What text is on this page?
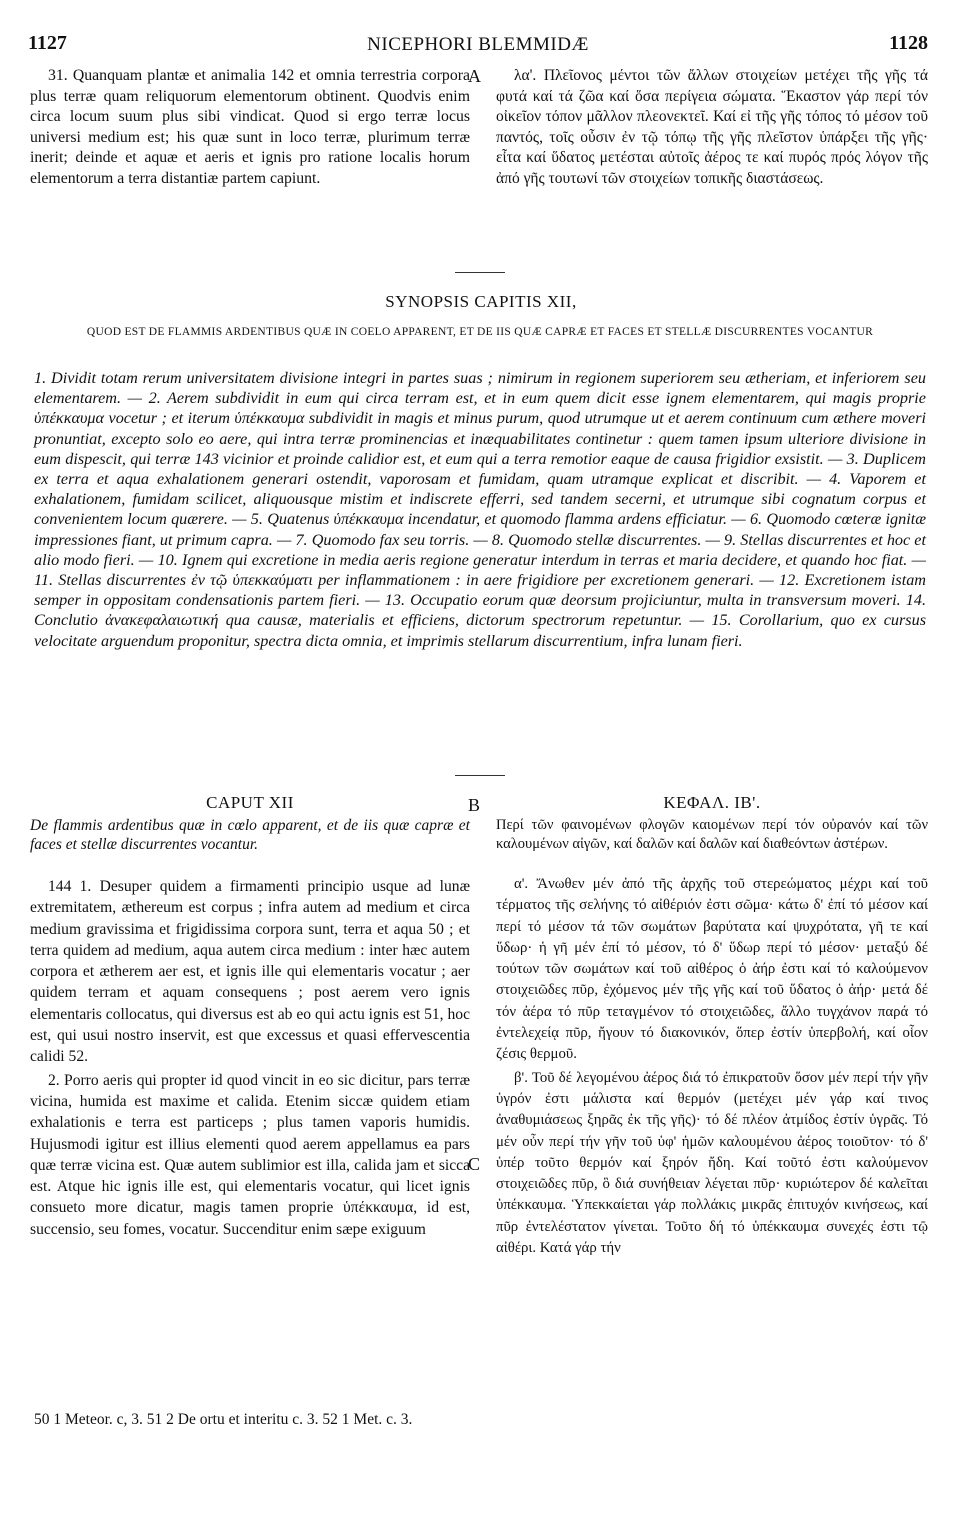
1127	NICEPHORI BLEMMIDÆ	1128

31. Quanquam plantæ et animalia 142 et omnia terrestria corpora plus terræ quam reliquorum elementorum obtinent. Quodvis enim circa locum suum plus sibi vindicat. Quod si ergo terræ locus universi medium est; his quæ sunt in loco terræ, plurimum terræ inerit; deinde et aquæ et aeris et ignis pro ratione localis horum elementorum a terra distantiæ partem capiunt.

A	λα'. Πλεῖονος μέντοι τῶν ἄλλων στοιχείων μετέχει τῆς γῆς τά φυτά καί τά ζῶα καί ὅσα περίγεια σώματα. Ἕκαστον γάρ περί τόν οἰκεῖον τόπον μᾶλλον πλεονεκτεῖ. Καί εἰ τῆς γῆς τόπος τό μέσον τοῦ παντός, τοῖς οὖσιν ἐν τῷ τόπῳ τῆς γῆς πλεῖστον ὑπάρξει τῆς γῆς· εἶτα καί ὕδατος μετέσται αὐτοῖς ἀέρος τε καί πυρός πρός λόγον τῆς ἀπό γῆς τουτωνί τῶν στοιχείων τοπικῆς διαστάσεως.

SYNOPSIS CAPITIS XII,
QUOD EST DE FLAMMIS ARDENTIBUS QUÆ IN COELO APPARENT, ET DE IIS QUÆ CAPRÆ ET FACES ET STELLÆ DISCURRENTES VOCANTUR
1. Dividit totam rerum universitatem divisione integri in partes suas ; nimirum in regionem superiorem seu ætheriam, et inferiorem seu elementarem. — 2. Aerem subdividit in eum qui circa terram est, et in eum quem dicit esse ignem elementarem, qui magis proprie ὑπέκκαυμα vocetur ; et iterum ὑπέκκαυμα subdividit in magis et minus purum, quod utrumque ut et aerem continuum cum æthere moveri pronuntiat, excepto solo eo aere, qui intra terræ prominencias et inæquabilitates continetur : quem tamen ipsum ulteriore divisione in eum dispescit, qui terræ 143 vicinior et proinde calidior est, et eum qui a terra remotior eaque de causa frigidior exsistit. — 3. Duplicem ex terra et aqua exhalationem generari ostendit, vaporosam et fumidam, quam utramque explicat et discribit. — 4. Vaporem et exhalationem, fumidam scilicet, aliquousque mistim et indiscrete efferri, sed tandem secerni, et utrumque sibi cognatum corpus et convenientem locum quærere. — 5. Quatenus ὑπέκκαυμα incendatur, et quomodo flamma ardens efficiatur. — 6. Quomodo cœteræ ignitæ impressiones fiant, ut primum capra. — 7. Quomodo fax seu torris. — 8. Quomodo stellæ discurrentes. — 9. Stellas discurrentes et hoc et alio modo fieri. — 10. Ignem qui excretione in media aeris regione generatur interdum in terras et maria decidere, et quando hoc fiat. — 11. Stellas discurrentes ἐν τῷ ὑπεκκαύματι per inflammationem : in aere frigidiore per excretionem generari. — 12. Excretionem istam semper in oppositam condensationis partem fieri. — 13. Occupatio eorum quæ deorsum projiciuntur, multa in transversum moveri. 14. Conclutio ἀνακεφαλαιωτική qua causæ, materialis et efficiens, dictorum spectrorum repetuntur. — 15. Corollarium, quo ex cursus velocitate arguendum proponitur, spectra dicta omnia, et imprimis stellarum discurrentium, infra lunam fieri.
CAPUT XII	B	ΚΕΦΑΛ. ΙΒ'.
De flammis ardentibus quæ in cœlo apparent, et de iis quæ capræ et faces et stellæ discurrentes vocantur.
Περί τῶν φαινομένων φλογῶν καιομένων περί τόν οὐρανόν καί τῶν καλουμένων αἰγῶν, καί δαλῶν καί δαλῶν καί διαθεόντων ἀστέρων.

144 1. Desuper quidem a firmamenti principio usque ad lunæ extremitatem, æthereum est corpus ; infra autem ad medium et circa medium gravissima et frigidissima corpora sunt, terra et aqua 50 ; et terra quidem ad medium, aqua autem circa medium : inter hæc autem corpora et ætherem aer est, et ignis ille qui elementaris vocatur ; aer quidem terram et aquam consequens ; post aerem vero ignis elementaris collocatus, qui diversus est ab eo qui actu ignis est 51, hoc est, qui usui nostro inservit, est que excessus et quasi effervescentia calidi 52.

2. Porro aeris qui propter id quod vincit in eo sic dicitur, pars terræ vicina, humida est maxime et calida. Etenim siccæ quidem etiam exhalationis e terra est particeps ; plus tamen vaporis humidis. Hujusmodi igitur est illius elementi quod aerem appellamus ea pars quæ terræ vicina est. Quæ autem sublimior est illa, calida jam et sicca est. Atque hic ignis ille est, qui elementaris vocatur, qui licet ignis consueto more dicatur, magis tamen proprie ὑπέκκαυμα, id est, succensio, seu fomes, vocatur. Succenditur enim sæpe exiguum

C

α'. Ἄνωθεν μέν ἀπό τῆς ἀρχῆς τοῦ στερεώματος μέχρι καί τοῦ τέρματος τῆς σελήνης τό αἰθέριόν ἐστι σῶμα· κάτω δ' ἐπί τό μέσον καί περί τό μέσον τά τῶν σωμάτων βαρύτατα καί ψυχρότατα, γῆ τε καί ὕδωρ· ἡ γῆ μέν ἐπί τό μέσον, τό δ' ὕδωρ περί τό μέσον· μεταξύ δέ τούτων τῶν σωμάτων καί τοῦ αἰθέρος ὁ ἀήρ ἐστι καί τό καλούμενον στοιχειῶδες πῦρ, ἐχόμενος μέν τῆς γῆς καί τοῦ ὕδατος ὁ ἀήρ· μετά δέ τόν ἀέρα τό πῦρ τεταγμένον τό στοιχειῶδες, ἄλλο τυγχάνον παρά τό ἐντελεχείᾳ πῦρ, ἤγουν τό διακονικόν, ὅπερ ἐστίν ὑπερβολή, καί οἷον ζέσις θερμοῦ.

β'. Τοῦ δέ λεγομένου ἀέρος διά τό ἐπικρατοῦν ὅσον μέν περί τήν γῆν ὑγρόν ἐστι μάλιστα καί θερμόν (μετέχει μέν γάρ καί τινος ἀναθυμιάσεως ξηρᾶς ἐκ τῆς γῆς)· τό δέ πλέον ἀτμίδος ἐστίν ὑγρᾶς. Τό μέν οὖν περί τήν γῆν τοῦ ὑφ' ἡμῶν καλουμένου ἀέρος τοιοῦτον· τό δ' ὑπέρ τοῦτο θερμόν καί ξηρόν ἤδη. Καί τοῦτό ἐστι καλούμενον στοιχειῶδες πῦρ, ὃ διά συνήθειαν λέγεται πῦρ· κυριώτερον δέ καλεῖται ὑπέκκαυμα. Ὑπεκκαίεται γάρ πολλάκις μικρᾶς ἐπιτυχόν κινήσεως, καί πῦρ ἐντελέστατον γίνεται. Τοῦτο δή τό ὑπέκκαυμα συνεχές ἐστι τῷ αἰθέρι. Κατά γάρ τήν

50 1 Meteor. c, 3. 51 2 De ortu et interitu c. 3. 52 1 Met. c. 3.
